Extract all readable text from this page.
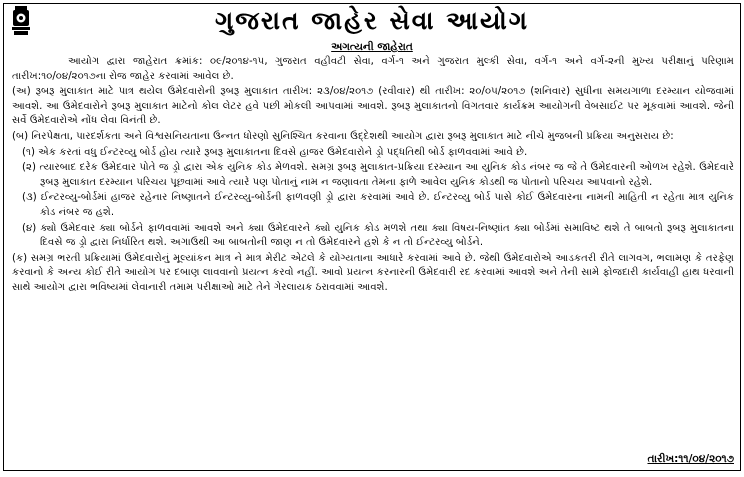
ગુજરાત જાહેર સેવા આયોગ
અગત્યની જાહેરાત
આયોગ દ્વારા જાહેરાત ક્રમાંક: ૦૯/૨૦૧૪-૧૫, ગુજરાત વહીવટી સેવા, વર્ગ-૧ અને ગુજરાત મુલ્કી સેવા, વર્ગ-૧ અને વર્ગ-૨ની મુખ્ય પરીક્ષાનું પરિણામ તારીખ:૧૦/૦૪/૨૦૧૭ના રોજ જાહેર કરવામાં આવેલ છે.
(અ) રૂબરૂ મુલાકાત માટે પાત્ર થયેલ ઉમેદવારોની રૂબરૂ મુલાકાત તારીખ: ૨૩/૦૪/૨૦૧૭ (રવીવાર) થી તારીખ: ૨૦/૦૫/૨૦૧૭ (શનિવાર) સુધીના સમયગાળા દરમ્યાન યોજવામાં આવશે. આ ઉમેદવારોને રૂબરૂ મુલાકાત માટેનો કોલ લેટર હવે પછી મોકલી આપવામાં આવશે. રૂબરૂ મુલાકાતનો વિગતવાર કાર્યક્રમ આયોગની વેબસાઈટ પર મૂકવામાં આવશે. જેની સર્વે ઉમેદવારોએ નોંધ લેવા વિનંતી છે.
(બ) નિરપેક્ષતા, પારદર્શકતા અને વિશ્વસનિયતાના ઉન્નત ધોરણો સુનિશ્ચિત કરવાના ઉદ્દેશથી આયોગ દ્વારા રૂબરૂ મુલાકાત માટે નીચે મુજબની પ્રક્રિયા અનુસરાય છે:
(૧) એક કરતાં વધુ ઈન્ટરવ્યુ બોર્ડ હોય ત્યારે રૂબરૂ મુલાકાતના દિવસે હાજર ઉમેદવારોને ડ્રો પદ્ધતિથી બોર્ડ ફાળવવામાં આવે છે.
(૨) ત્યારબાદ દરેક ઉમેદવાર પોતે જ ડ્રો દ્વારા એક યુનિક કોડ મેળવશે. સમગ્ર રૂબરૂ મુલાકાત-પ્રક્રિયા દરમ્યાન આ યુનિક કોડ નંબર જ જે તે ઉમેદવારની ઓળખ રહેશે. ઉમેદવારે રૂબરૂ મુલાકાત દરમ્યાન પરિચય પૂછવામાં આવે ત્યારે પણ પોતાનું નામ ન જણાવતા તેમના ફાળે આવેલ યુનિક કોડથી જ પોતાનો પરિચય આપવાનો રહેશે.
(૩) ઈન્ટરવ્યુ-બોર્ડમાં હાજર રહેનાર નિષ્ણાતને ઈન્ટરવ્યુ-બોર્ડની ફાળવણી ડ્રો દ્વારા કરવામાં આવે છે. ઈન્ટરવ્યુ બોર્ડ પાસે કોઈ ઉમેદવારના નામની માહિતી ન રહેતા માત્ર યુનિક કોડ નંબર જ હશે.
(૪) ક્યો ઉમેદવાર ક્યા બોર્ડને ફાળવવામાં આવશે અને ક્યા ઉમેદવારને ક્યો યુનિક કોડ મળશે તથા ક્યા વિષય-નિષ્ણાંત ક્યા બોર્ડમાં સમાવિષ્ટ થશે તે બાબતો રૂબરૂ મુલાકાતના દિવસે જ ડ્રો દ્વારા નિર્ધારિત થશે. અગાઉથી આ બાબતોની જાણ ન તો ઉમેદવારને હશે કે ન તો ઈન્ટરવ્યુ બોર્ડને.
(ક) સમગ્ર ભરતી પ્રક્રિયામાં ઉમેદવારોનું મૂલ્યાંકન માત્ર ને માત્ર મેરીટ એટલે કે યોગ્યતાના આધારે કરવામાં આવે છે. જેથી ઉમેદવારોએ આડકતરી રીતે લાગવગ, ભલામણ કે તરફેણ કરવાનો કે અન્ય કોઈ રીતે આયોગ પર દબાણ લાવવાનો પ્રયત્ન કરવો નહીં. આવો પ્રયત્ન કરનારની ઉમેદવારી રદ કરવામાં આવશે અને તેની સામે ફોજદારી કાર્યવાહી હાથ ધરવાની સાથે આયોગ દ્વારા ભવિષ્યમાં લેવાનારી તમામ પરીક્ષાઓ માટે તેને ગેરલાયક ઠરાવવામાં આવશે.
તારીખ:૧૧/૦૪/૨૦૧૭
